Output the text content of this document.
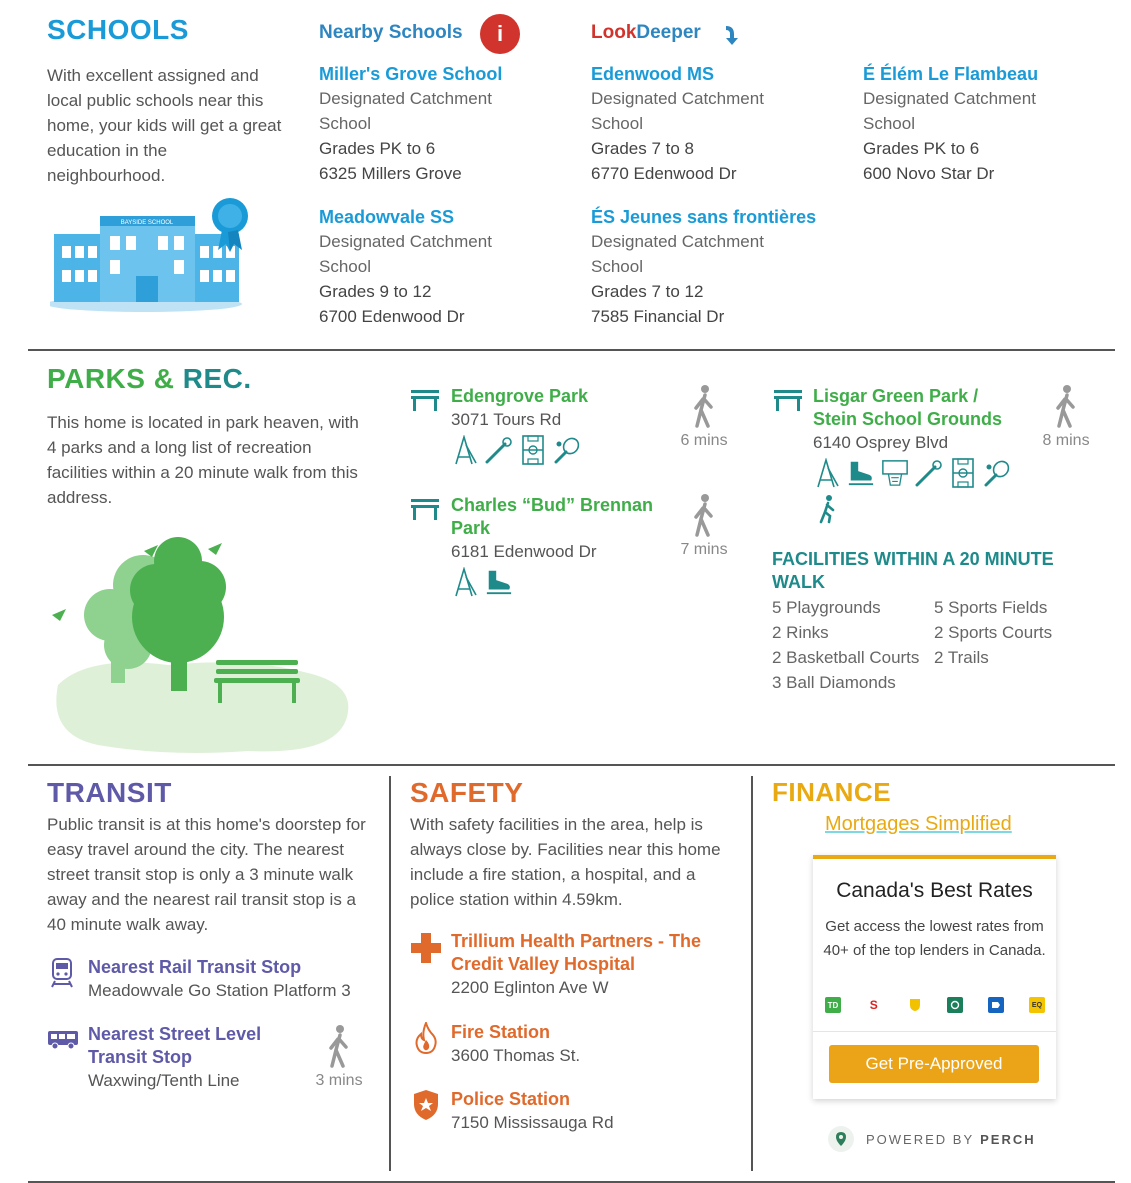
SCHOOLS
With excellent assigned and local public schools near this home, your kids will get a great education in the neighbourhood.
BAYSIDE SCHOOL
Nearby Schools i	LookDeeper
Miller's Grove School
Designated Catchment
School
Grades PK to 6
6325 Millers Grove
Edenwood MS
Designated Catchment
School
Grades 7 to 8
6770 Edenwood Dr
É Élém Le Flambeau
Designated Catchment
School
Grades PK to 6
600 Novo Star Dr
Meadowvale SS
Designated Catchment
School
Grades 9 to 12
6700 Edenwood Dr
ÉS Jeunes sans frontières
Designated Catchment
School
Grades 7 to 12
7585 Financial Dr
PARKS & REC.
This home is located in park heaven, with 4 parks and a long list of recreation facilities within a 20 minute walk from this address.
Edengrove Park
3071 Tours Rd
6 mins
Charles “Bud” Brennan
Park
6181 Edenwood Dr	7 mins
Lisgar Green Park /
Stein School Grounds
6140 Osprey Blvd	8 mins
FACILITIES WITHIN A 20 MINUTE
WALK
5 Playgrounds	5 Sports Fields
2 Rinks	2 Sports Courts
2 Basketball Courts 2 Trails
3 Ball Diamonds
TRANSIT
Public transit is at this home's doorstep for easy travel around the city. The nearest street transit stop is only a 3 minute walk away and the nearest rail transit stop is a 40 minute walk away.
Nearest Rail Transit Stop
Meadowvale Go Station Platform 3
Nearest Street Level
Transit Stop
Waxwing/Tenth Line	3 mins
SAFETY
With safety facilities in the area, help is always close by. Facilities near this home include a fire station, a hospital, and a police station within 4.59km.
Trillium Health Partners - The
Credit Valley Hospital
2200 Eglinton Ave W
Fire Station
3600 Thomas St.
Police Station
7150 Mississauga Rd
FINANCE
Mortgages Simplified
Canada's Best Rates
Get access the lowest rates from 40+ of the top lenders in Canada.
TD	S	EQ
Get Pre-Approved
POWERED BY PERCH
